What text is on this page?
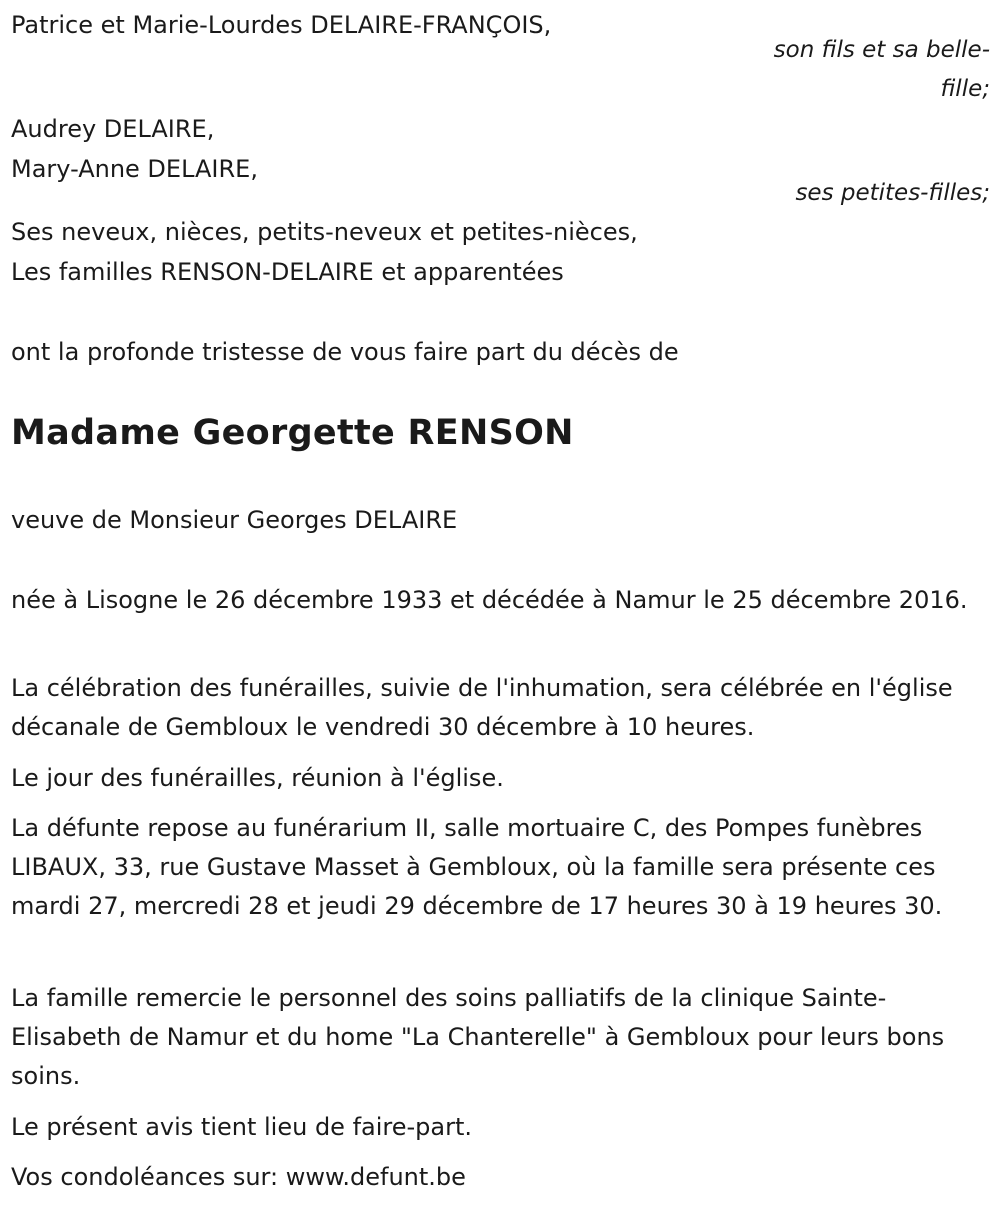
Patrice et Marie-Lourdes DELAIRE-FRANÇOIS,
son fils et sa belle-
fille;
Audrey DELAIRE,
Mary-Anne DELAIRE,
ses petites-filles;
Ses neveux, nièces, petits-neveux et petites-nièces,
Les familles RENSON-DELAIRE et apparentées
ont la profonde tristesse de vous faire part du décès de
Madame Georgette RENSON
veuve de Monsieur Georges DELAIRE
née à Lisogne le 26 décembre 1933 et décédée à Namur le 25 décembre 2016.
La célébration des funérailles, suivie de l'inhumation, sera célébrée en l'église décanale de Gembloux le vendredi 30 décembre à 10 heures.
Le jour des funérailles, réunion à l'église.
La défunte repose au funérarium II, salle mortuaire C, des Pompes funèbres LIBAUX, 33, rue Gustave Masset à Gembloux, où la famille sera présente ces mardi 27, mercredi 28 et jeudi 29 décembre de 17 heures 30 à 19 heures 30.
La famille remercie le personnel des soins palliatifs de la clinique Sainte-Elisabeth de Namur et du home "La Chanterelle" à Gembloux pour leurs bons soins.
Le présent avis tient lieu de faire-part.
Vos condoléances sur: www.defunt.be
